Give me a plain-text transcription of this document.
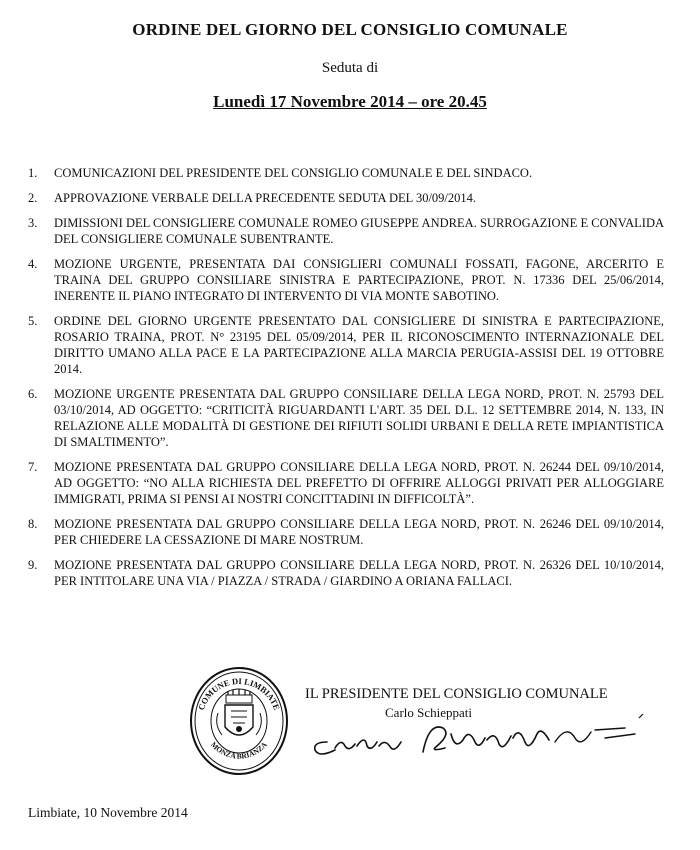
ORDINE DEL GIORNO DEL CONSIGLIO COMUNALE
Seduta di
Lunedì 17 Novembre 2014 – ore 20.45
1.	COMUNICAZIONI DEL PRESIDENTE DEL CONSIGLIO COMUNALE E DEL SINDACO.
2.	APPROVAZIONE VERBALE DELLA PRECEDENTE SEDUTA DEL 30/09/2014.
3.	DIMISSIONI DEL CONSIGLIERE COMUNALE ROMEO GIUSEPPE ANDREA. SURROGAZIONE E CONVALIDA DEL CONSIGLIERE COMUNALE SUBENTRANTE.
4.	MOZIONE URGENTE, PRESENTATA DAI CONSIGLIERI COMUNALI FOSSATI, FAGONE, ARCERITO E TRAINA DEL GRUPPO CONSILIARE SINISTRA E PARTECIPAZIONE, PROT. N. 17336 DEL 25/06/2014, INERENTE IL PIANO INTEGRATO DI INTERVENTO DI VIA MONTE SABOTINO.
5.	ORDINE DEL GIORNO URGENTE PRESENTATO DAL CONSIGLIERE DI SINISTRA E PARTECIPAZIONE, ROSARIO TRAINA, PROT. N° 23195 DEL 05/09/2014, PER IL RICONOSCIMENTO INTERNAZIONALE DEL DIRITTO UMANO ALLA PACE E LA PARTECIPAZIONE ALLA MARCIA PERUGIA-ASSISI DEL 19 OTTOBRE 2014.
6.	MOZIONE URGENTE PRESENTATA DAL GRUPPO CONSILIARE DELLA LEGA NORD, PROT. N. 25793 DEL 03/10/2014, AD OGGETTO: “CRITICITÀ RIGUARDANTI L'ART. 35 DEL D.L. 12 SETTEMBRE 2014, N. 133, IN RELAZIONE ALLE MODALITÀ DI GESTIONE DEI RIFIUTI SOLIDI URBANI E DELLA RETE IMPIANTISTICA DI SMALTIMENTO”.
7.	MOZIONE PRESENTATA DAL GRUPPO CONSILIARE DELLA LEGA NORD, PROT. N. 26244 DEL 09/10/2014, AD OGGETTO: “NO ALLA RICHIESTA DEL PREFETTO DI OFFRIRE ALLOGGI PRIVATI PER ALLOGGIARE IMMIGRATI, PRIMA SI PENSI AI NOSTRI CONCITTADINI IN DIFFICOLTÀ”.
8.	MOZIONE PRESENTATA DAL GRUPPO CONSILIARE DELLA LEGA NORD, PROT. N. 26246 DEL 09/10/2014, PER CHIEDERE LA CESSAZIONE DI MARE NOSTRUM.
9.	MOZIONE PRESENTATA DAL GRUPPO CONSILIARE DELLA LEGA NORD, PROT. N. 26326 DEL 10/10/2014, PER INTITOLARE UNA VIA / PIAZZA / STRADA / GIARDINO A ORIANA FALLACI.
COMUNE DI LIMBIATE
MONZA BRIANZA
IL PRESIDENTE DEL CONSIGLIO COMUNALE
Carlo Schieppati
Limbiate, 10 Novembre 2014
